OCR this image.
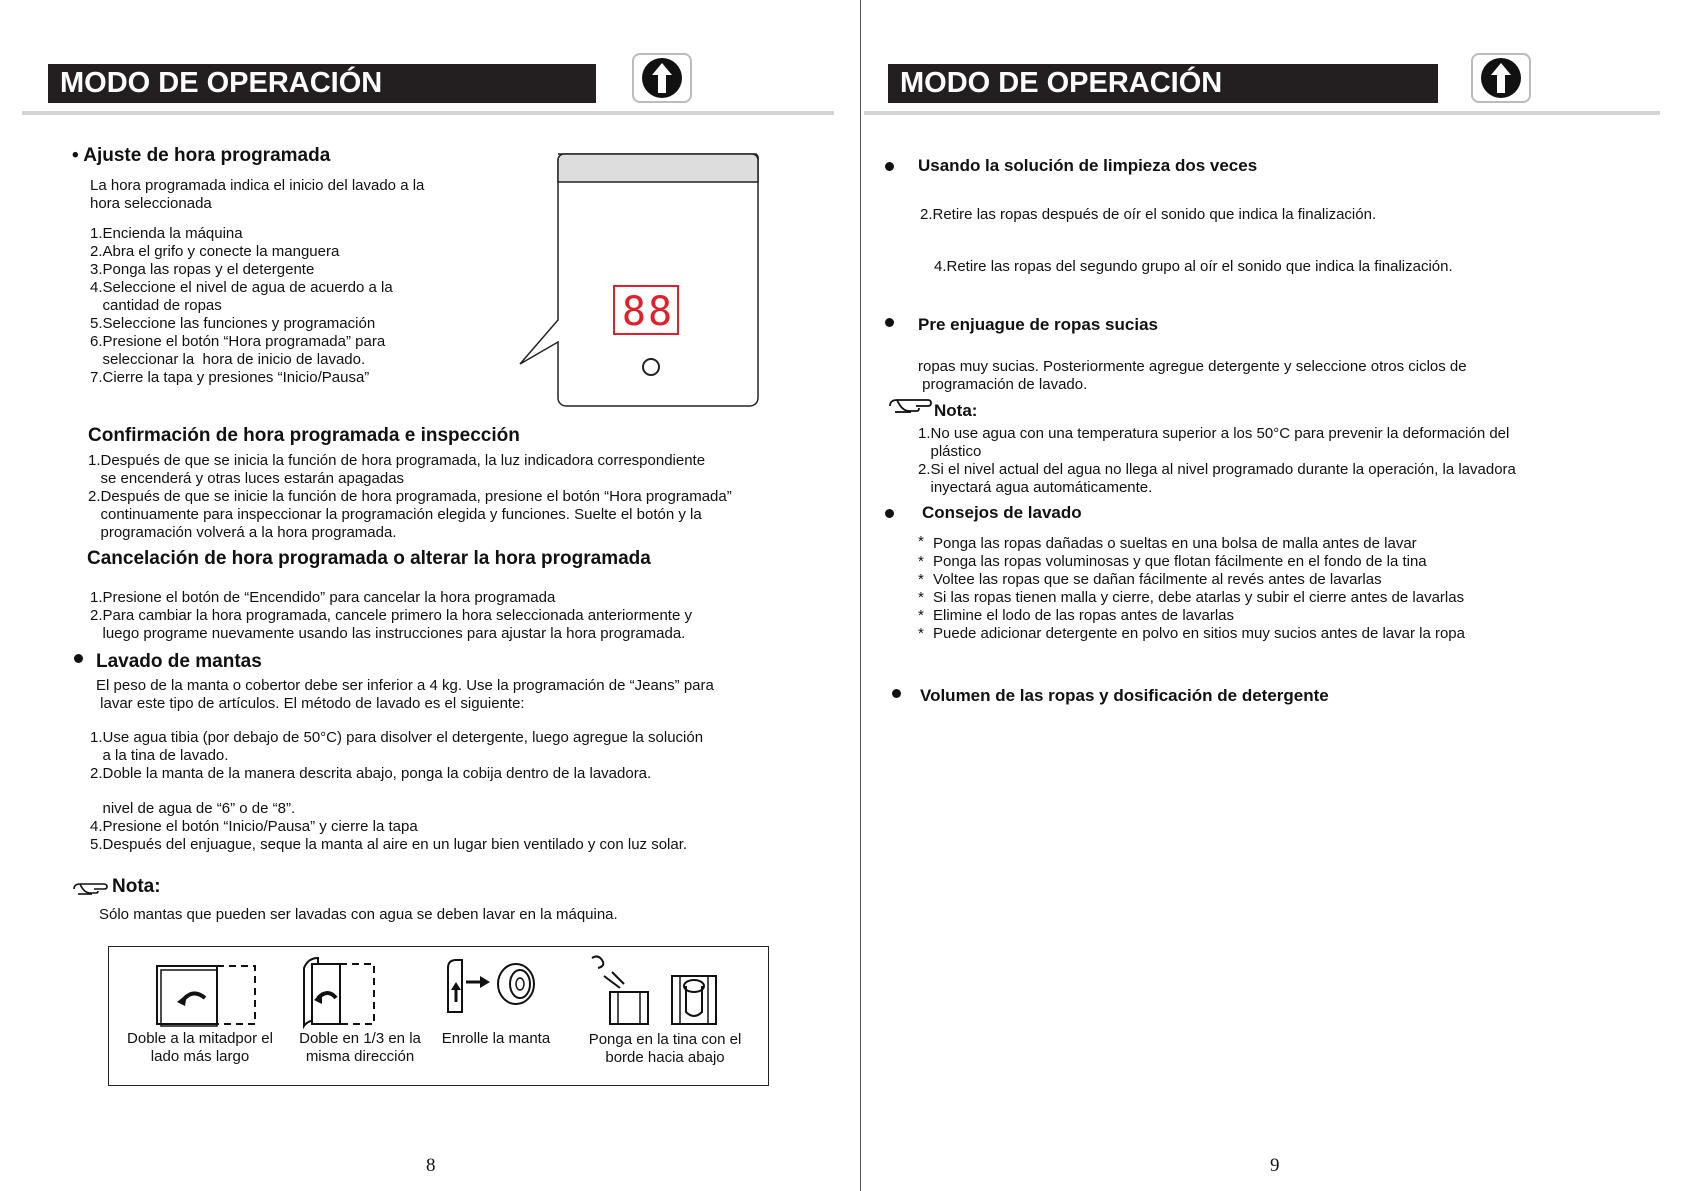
MODO DE OPERACIÓN
• Ajuste de hora programada
La hora programada indica el inicio del lavado a la
hora seleccionada
1.Encienda la máquina
2.Abra el grifo y conecte la manguera
3.Ponga las ropas y el detergente
4.Seleccione el nivel de agua de acuerdo a la
cantidad de ropas
5.Seleccione las funciones y programación
6.Presione el botón “Hora programada” para
seleccionar la  hora de inicio de lavado.
7.Cierre la tapa y presiones “Inicio/Pausa”
88
Confirmación de hora programada e inspección
1.Después de que se inicia la función de hora programada, la luz indicadora correspondiente
se encenderá y otras luces estarán apagadas
2.Después de que se inicie la función de hora programada, presione el botón “Hora programada”
continuamente para inspeccionar la programación elegida y funciones. Suelte el botón y la
programación volverá a la hora programada.
Cancelación de hora programada o alterar la hora programada
1.Presione el botón de “Encendido” para cancelar la hora programada
2.Para cambiar la hora programada, cancele primero la hora seleccionada anteriormente y
luego programe nuevamente usando las instrucciones para ajustar la hora programada.
Lavado de mantas
El peso de la manta o cobertor debe ser inferior a 4 kg. Use la programación de “Jeans” para
lavar este tipo de artículos. El método de lavado es el siguiente:
1.Use agua tibia (por debajo de 50°C) para disolver el detergente, luego agregue la solución
a la tina de lavado.
2.Doble la manta de la manera descrita abajo, ponga la cobija dentro de la lavadora.
nivel de agua de “6” o de “8”.
4.Presione el botón “Inicio/Pausa” y cierre la tapa
5.Después del enjuague, seque la manta al aire en un lugar bien ventilado y con luz solar.
Nota:
Sólo mantas que pueden ser lavadas con agua se deben lavar en la máquina.
Doble a la mitadpor el
lado más largo
Doble en 1/3 en la
misma dirección
Enrolle la manta	Ponga en la tina con el
borde hacia abajo
8
MODO DE OPERACIÓN
Usando la solución de limpieza dos veces
2.Retire las ropas después de oír el sonido que indica la finalización.
4.Retire las ropas del segundo grupo al oír el sonido que indica la finalización.
Pre enjuague de ropas sucias
ropas muy sucias. Posteriormente agregue detergente y seleccione otros ciclos de
programación de lavado.
Nota:
1.No use agua con una temperatura superior a los 50°C para prevenir la deformación del
plástico
2.Si el nivel actual del agua no llega al nivel programado durante la operación, la lavadora
inyectará agua automáticamente.
Consejos de lavado
* Ponga las ropas dañadas o sueltas en una bolsa de malla antes de lavar
* Ponga las ropas voluminosas y que flotan fácilmente en el fondo de la tina
* Voltee las ropas que se dañan fácilmente al revés antes de lavarlas
* Si las ropas tienen malla y cierre, debe atarlas y subir el cierre antes de lavarlas
* Elimine el lodo de las ropas antes de lavarlas
* Puede adicionar detergente en polvo en sitios muy sucios antes de lavar la ropa
Volumen de las ropas y dosificación de detergente
9
